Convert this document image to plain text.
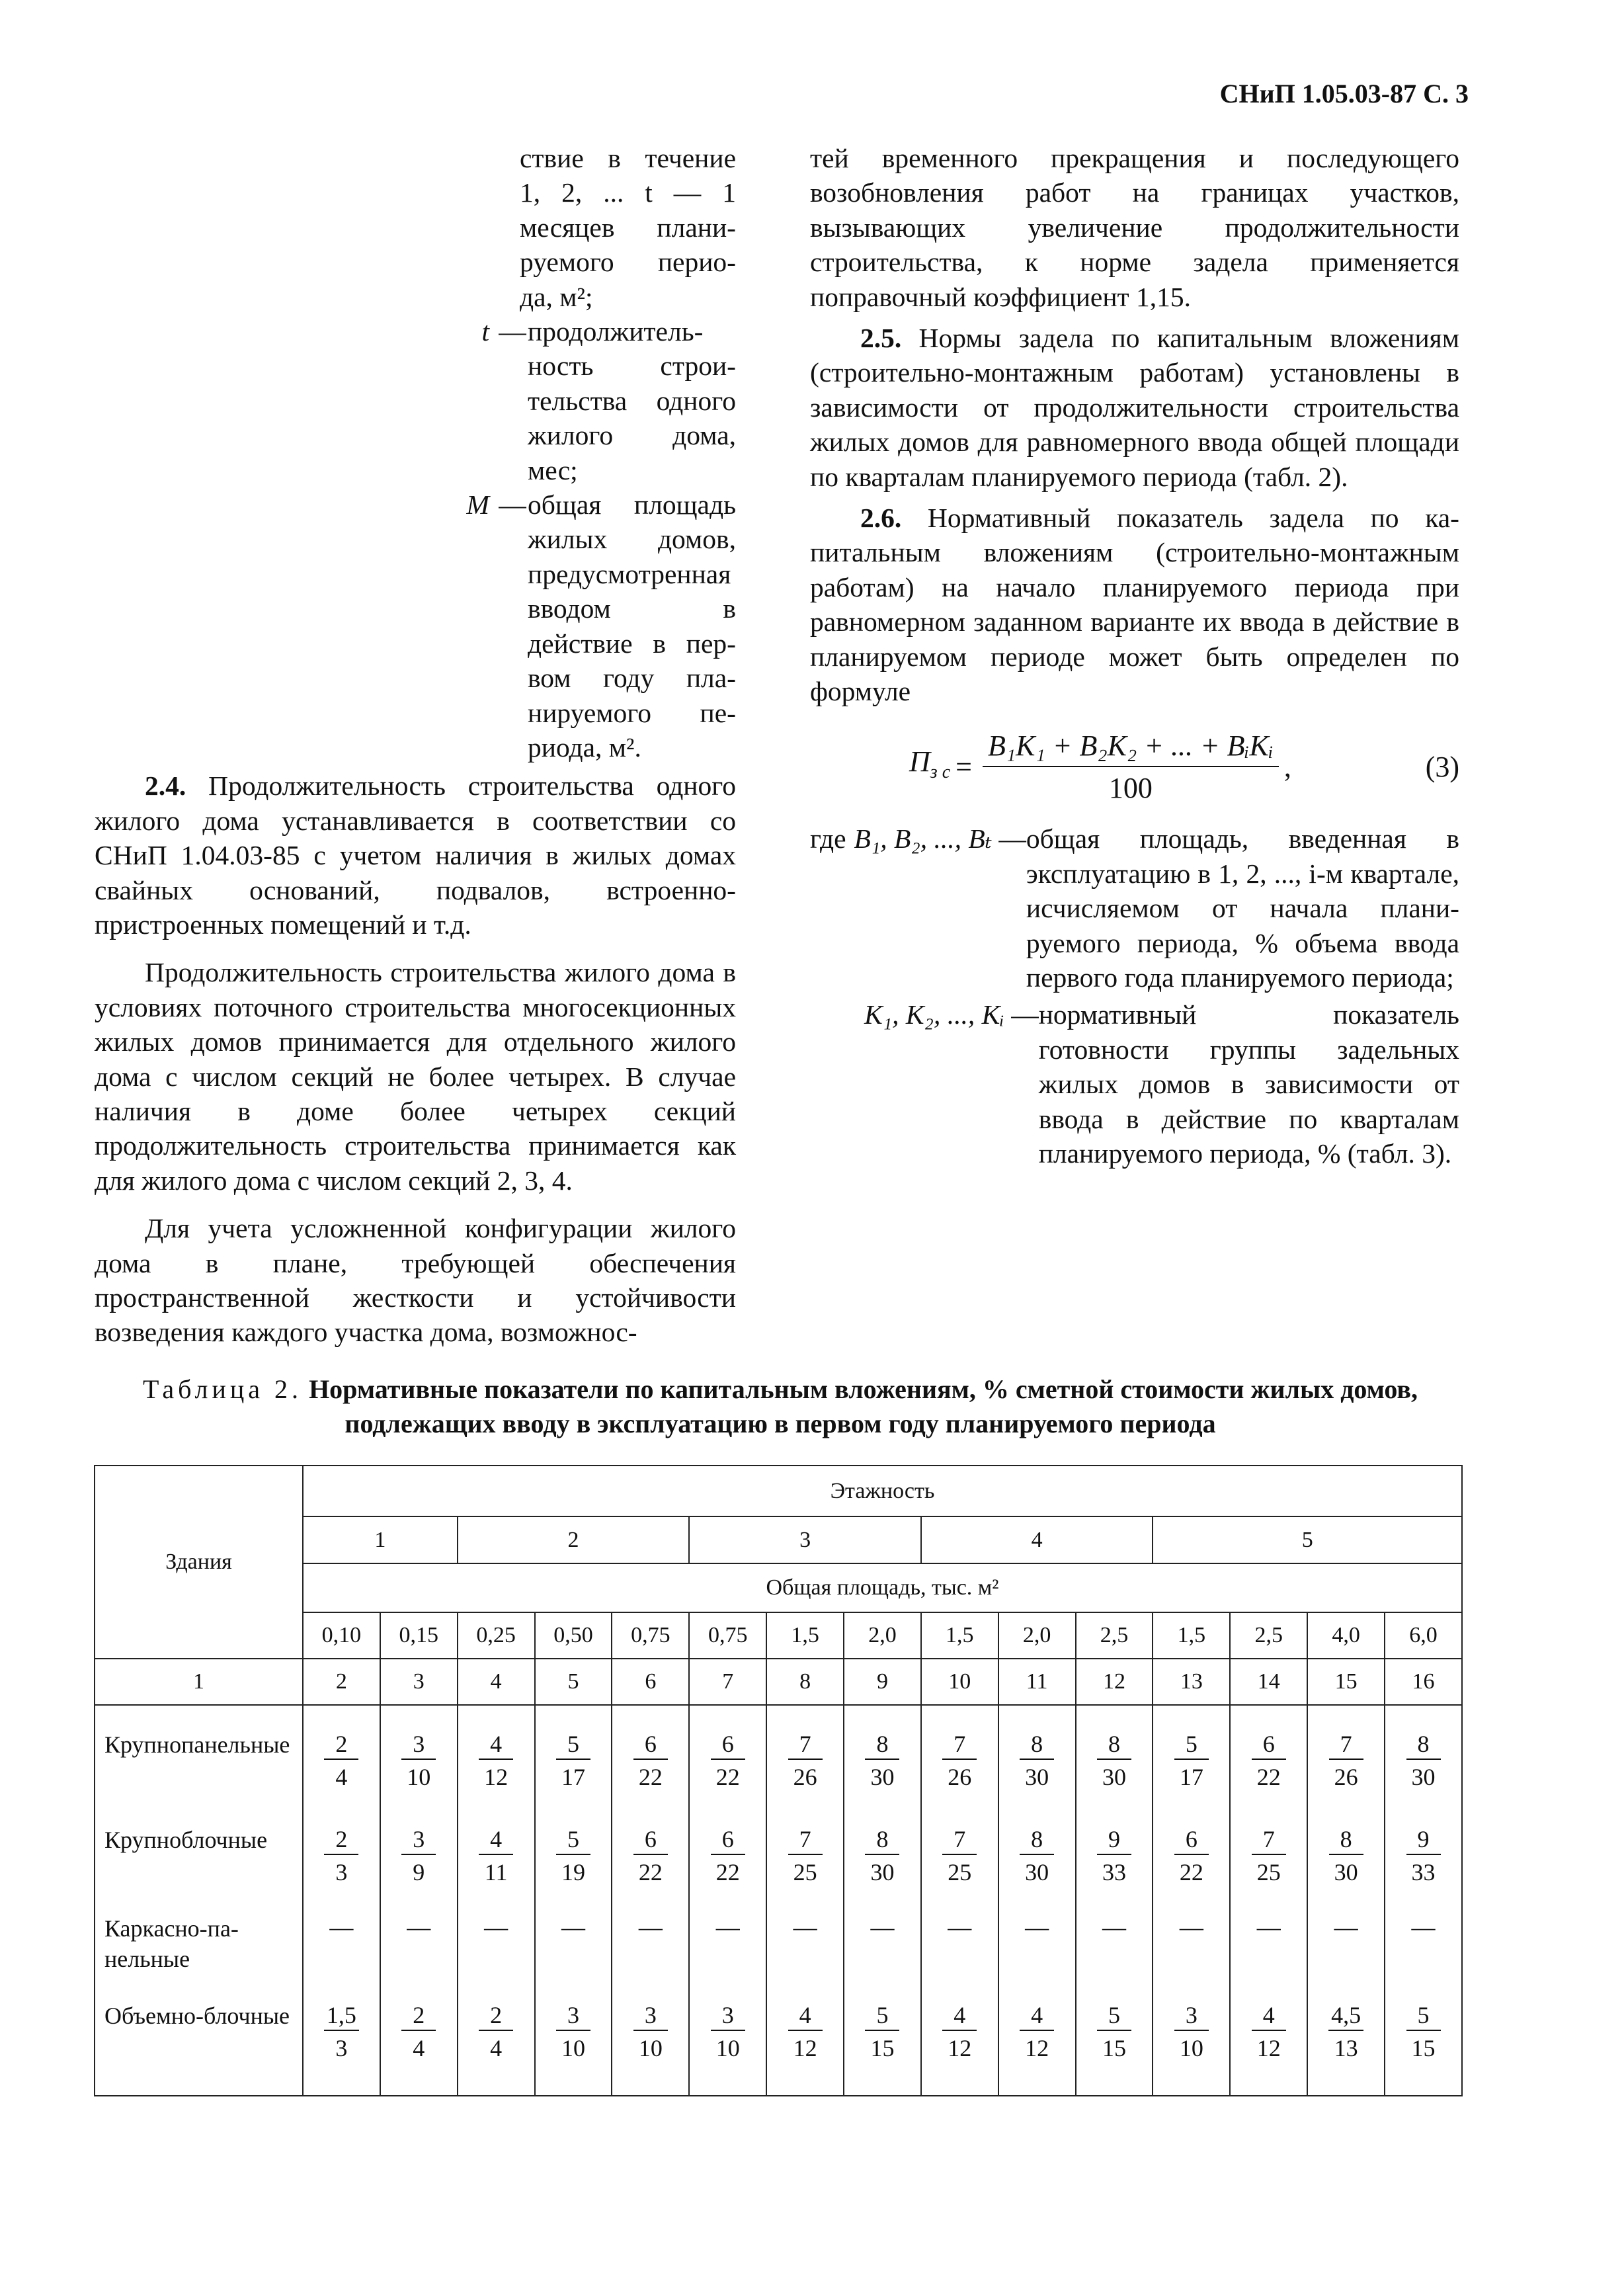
СНиП 1.05.03-87 С. 3
ствие в течение
1, 2, ... t — 1
месяцев плани-
руемого перио-
да, м²;
t — продолжительность строительства одного жилого дома, мес;
M — общая площадь жилых домов, предусмотренная вводом в действие в первом году планируемого периода, м².

2.4. Продолжительность строительства одного жилого дома устанавливается в соответствии со СНиП 1.04.03-85 с учетом наличия в жилых домах свайных оснований, подвалов, встроенно-пристроенных помещений и т.д.

Продолжительность строительства жилого дома в условиях поточного строительства многосекционных жилых домов принимается для отдельного жилого дома с числом секций не более четырех. В случае наличия в доме более четырех секций продолжительность строительства принимается как для жилого дома с числом секций 2, 3, 4.

Для учета усложненной конфигурации жилого дома в плане, требующей обеспечения пространственной жесткости и устойчивости возведения каждого участка дома, возможнос-

тей временного прекращения и последующего возобновления работ на границах участков, вызывающих увеличение продолжительности строительства, к норме задела применяется поправочный коэффициент 1,15.

2.5. Нормы задела по капитальным вложениям (строительно-монтажным работам) установлены в зависимости от продолжительности строительства жилых домов для равномерного ввода общей площади по кварталам планируемого периода (табл. 2).

2.6. Нормативный показатель задела по капитальным вложениям (строительно-монтажным работам) на начало планируемого периода при равномерном заданном варианте их ввода в действие в планируемом периоде может быть определен по формуле

$П_{з с} = \frac{\text{B₁K₁ + B₂K₂ + ... + BᵢKᵢ}}{100}$ ,	(3)
где B₁, B₂, ..., Bₜ — общая площадь, введенная в эксплуатацию в 1, 2, ..., i-м квартале, исчисляемом от начала планируемого периода, % объема ввода первого года планируемого периода;
K₁, K₂, ..., Kᵢ — нормативный показатель готовности группы задельных жилых домов в зависимости от ввода в действие по кварталам планируемого периода, % (табл. 3).
Таблица 2. Нормативные показатели по капитальным вложениям, % сметной стоимости жилых домов,
подлежащих вводу в эксплуатацию в первом году планируемого периода
Здания	Этажность														
	1		2			3			4			5			
	Общая площадь, тыс. м²														
	0,10	0,15	0,25	0,50	0,75	0,75	1,5	2,0	1,5	2,0	2,5	1,5	2,5	4,0	6,0
1	2	3	4	5	6	7	8	9	10	11	12	13	14	15	16
Крупнопанельные	$\frac{2}{4}$	$\frac{3}{10}$	$\frac{4}{12}$	$\frac{5}{17}$	$\frac{6}{22}$	$\frac{6}{22}$	$\frac{7}{26}$	$\frac{8}{30}$	$\frac{7}{26}$	$\frac{8}{30}$	$\frac{8}{30}$	$\frac{5}{17}$	$\frac{6}{22}$	$\frac{7}{26}$	$\frac{8}{30}$

Крупноблочные	$\frac{2}{3}$	$\frac{3}{9}$	$\frac{4}{11}$	$\frac{5}{19}$	$\frac{6}{22}$	$\frac{6}{22}$	$\frac{7}{25}$	$\frac{8}{30}$	$\frac{7}{25}$	$\frac{8}{30}$	$\frac{9}{33}$	$\frac{6}{22}$	$\frac{7}{25}$	$\frac{8}{30}$	$\frac{9}{33}$

Каркасно-панельные	—	—	—	—	—	—	—	—	—	—	—	—	—	—	—
Объемно-блочные	$\frac{1,5}{3}$	$\frac{2}{4}$	$\frac{2}{4}$	$\frac{3}{10}$	$\frac{3}{10}$	$\frac{3}{10}$	$\frac{4}{12}$	$\frac{5}{15}$	$\frac{4}{12}$	$\frac{4}{12}$	$\frac{5}{15}$	$\frac{3}{10}$	$\frac{4}{12}$	$\frac{4,5}{13}$	$\frac{5}{15}$
